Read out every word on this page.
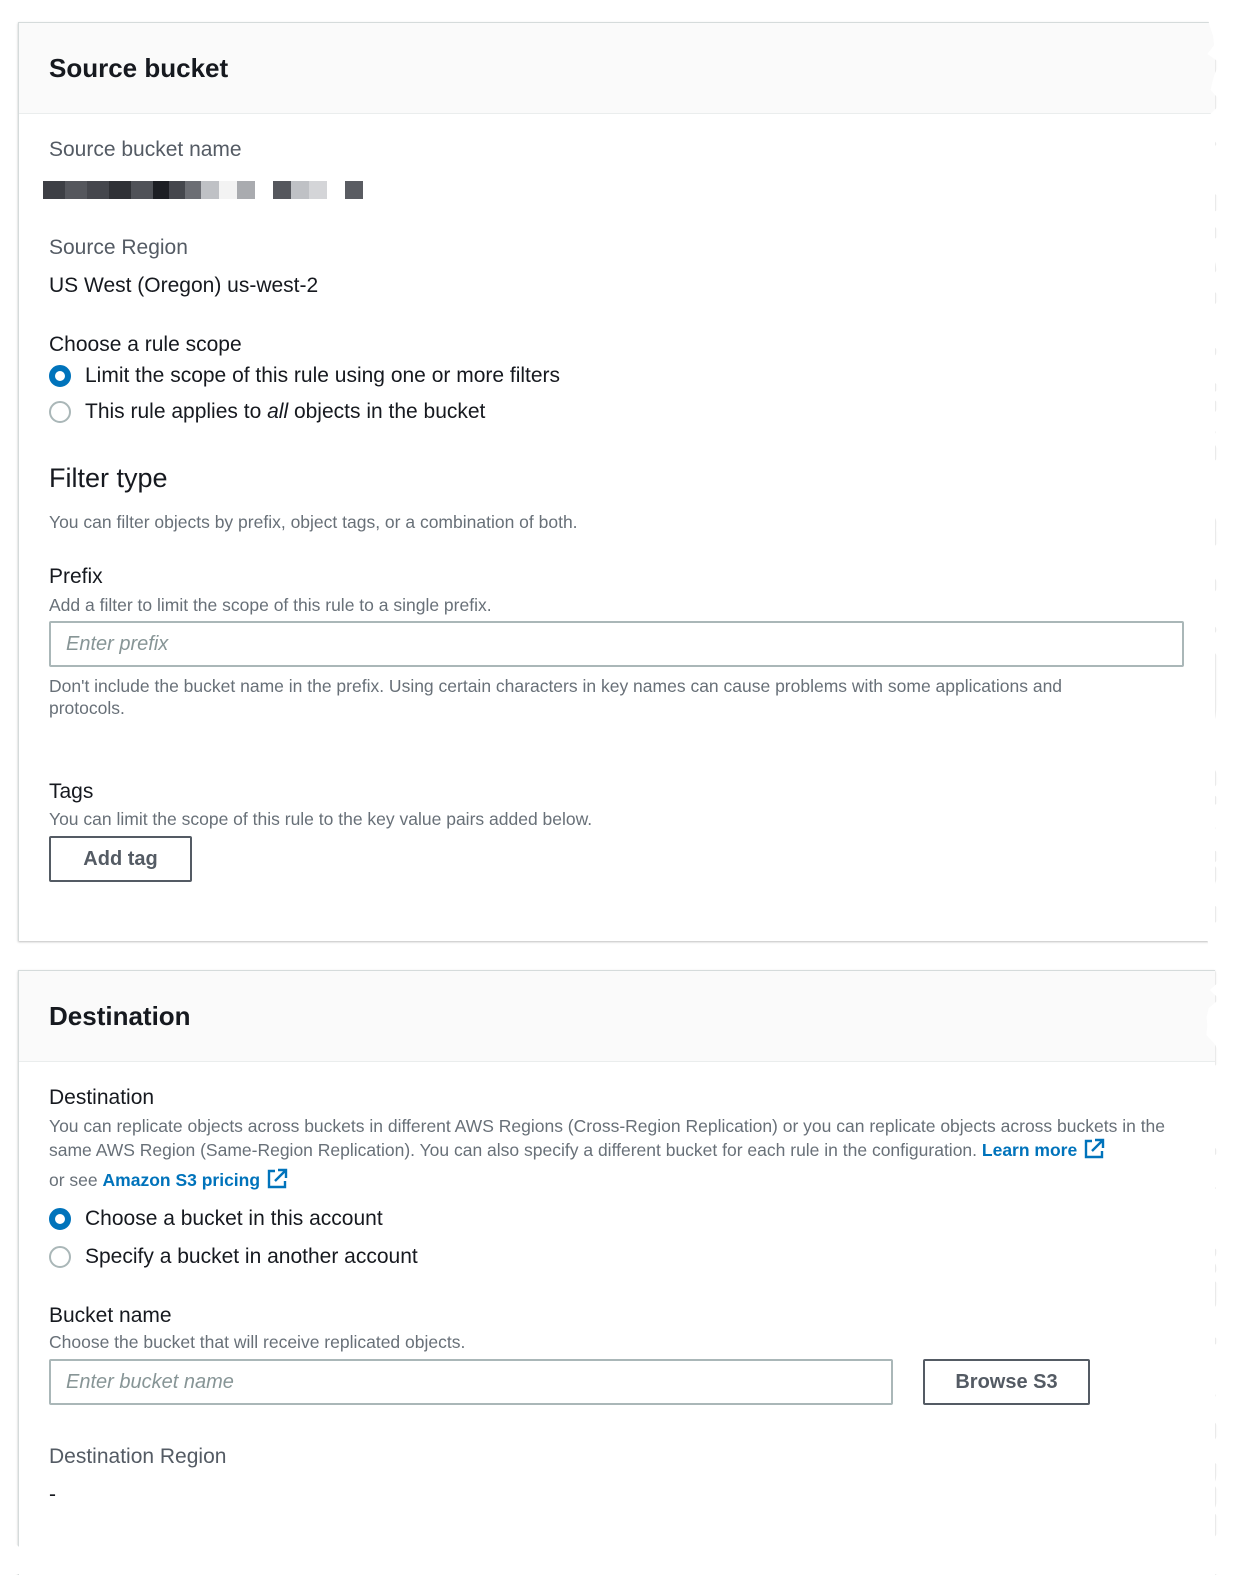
Source bucket
Source bucket name
Source Region
US West (Oregon) us-west-2
Choose a rule scope
Limit the scope of this rule using one or more filters
This rule applies to all objects in the bucket
Filter type
You can filter objects by prefix, object tags, or a combination of both.
Prefix
Add a filter to limit the scope of this rule to a single prefix.
Enter prefix
Don't include the bucket name in the prefix. Using certain characters in key names can cause problems with some applications and protocols.
Tags
You can limit the scope of this rule to the key value pairs added below.
Add tag
Destination
Destination
You can replicate objects across buckets in different AWS Regions (Cross-Region Replication) or you can replicate objects across buckets in the same AWS Region (Same-Region Replication). You can also specify a different bucket for each rule in the configuration. Learn more
or see Amazon S3 pricing
Choose a bucket in this account
Specify a bucket in another account
Bucket name
Choose the bucket that will receive replicated objects.
Enter bucket name	Browse S3
Destination Region
-
